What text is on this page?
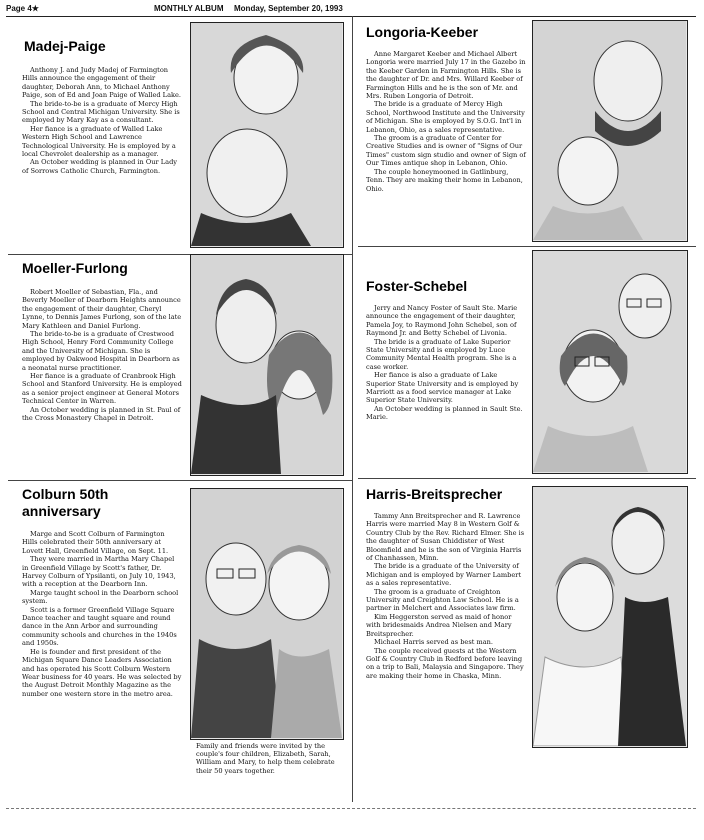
Page 4★	MONTHLY ALBUM Monday, September 20, 1993
Madej-Paige

Anthony J. and Judy Madej of Farmington Hills announce the engagement of their daughter, Deborah Ann, to Michael Anthony Paige, son of Ed and Joan Paige of Walled Lake.

The bride-to-be is a graduate of Mercy High School and Central Michigan University. She is employed by Mary Kay as a consultant.

Her fiance is a graduate of Walled Lake Western High School and Lawrence Technological University. He is employed by a local Chevrolet dealership as a manager.

An October wedding is planned in Our Lady of Sorrows Catholic Church, Farmington.

Longoria-Keeber

Anne Margaret Keeber and Michael Albert Longoria were married July 17 in the Gazebo in the Keeber Garden in Farmington Hills. She is the daughter of Dr. and Mrs. Willard Keeber of Farmington Hills and he is the son of Mr. and Mrs. Ruben Longoria of Detroit.

The bride is a graduate of Mercy High School, Northwood Institute and the University of Michigan. She is employed by S.O.G. Int'l in Lebanon, Ohio, as a sales representative.

The groom is a graduate of Center for Creative Studies and is owner of "Signs of Our Times" custom sign studio and owner of Sign of Our Times antique shop in Lebanon, Ohio.

The couple honeymooned in Gatlinburg, Tenn. They are making their home in Lebanon, Ohio.

Moeller-Furlong

Robert Moeller of Sebastian, Fla., and Beverly Moeller of Dearborn Heights announce the engagement of their daughter, Cheryl Lynne, to Dennis James Furlong, son of the late Mary Kathleen and Daniel Furlong.

The bride-to-be is a graduate of Crestwood High School, Henry Ford Community College and the University of Michigan. She is employed by Oakwood Hospital in Dearborn as a neonatal nurse practitioner.

Her fiance is a graduate of Cranbrook High School and Stanford University. He is employed as a senior project engineer at General Motors Technical Center in Warren.

An October wedding is planned in St. Paul of the Cross Monastery Chapel in Detroit.

Foster-Schebel

Jerry and Nancy Foster of Sault Ste. Marie announce the engagement of their daughter, Pamela Joy, to Raymond John Schebel, son of Raymond Jr. and Betty Schebel of Livonia.

The bride is a graduate of Lake Superior State University and is employed by Luce Community Mental Health program. She is a case worker.

Her fiance is also a graduate of Lake Superior State University and is employed by Marriott as a food service manager at Lake Superior State University.

An October wedding is planned in Sault Ste. Marie.

Colburn 50th anniversary

Marge and Scott Colburn of Farmington Hills celebrated their 50th anniversary at Lovett Hall, Greenfield Village, on Sept. 11.

They were married in Martha Mary Chapel in Greenfield Village by Scott's father, Dr. Harvey Colburn of Ypsilanti, on July 10, 1943, with a reception at the Dearborn Inn.

Marge taught school in the Dearborn school system.

Scott is a former Greenfield Village Square Dance teacher and taught square and round dance in the Ann Arbor and surrounding community schools and churches in the 1940s and 1950s.

He is founder and first president of the Michigan Square Dance Leaders Association and has operated his Scott Colburn Western Wear business for 40 years. He was selected by the August Detroit Monthly Magazine as the number one western store in the metro area.

Family and friends were invited by the couple's four children, Elizabeth, Sarah, William and Mary, to help them celebrate their 50 years together.
Harris-Breitsprecher

Tammy Ann Breitsprecher and R. Lawrence Harris were married May 8 in Western Golf & Country Club by the Rev. Richard Elmer. She is the daughter of Susan Chiddister of West Bloomfield and he is the son of Virginia Harris of Chanhassen, Minn.

The bride is a graduate of the University of Michigan and is employed by Warner Lambert as a sales representative.

The groom is a graduate of Creighton University and Creighton Law School. He is a partner in Melchert and Associates law firm.

Kim Heggerston served as maid of honor with bridesmaids Andrea Nielsen and Mary Breitsprecher.

Michael Harris served as best man.

The couple received guests at the Western Golf & Country Club in Redford before leaving on a trip to Bali, Malaysia and Singapore. They are making their home in Chaska, Minn.
